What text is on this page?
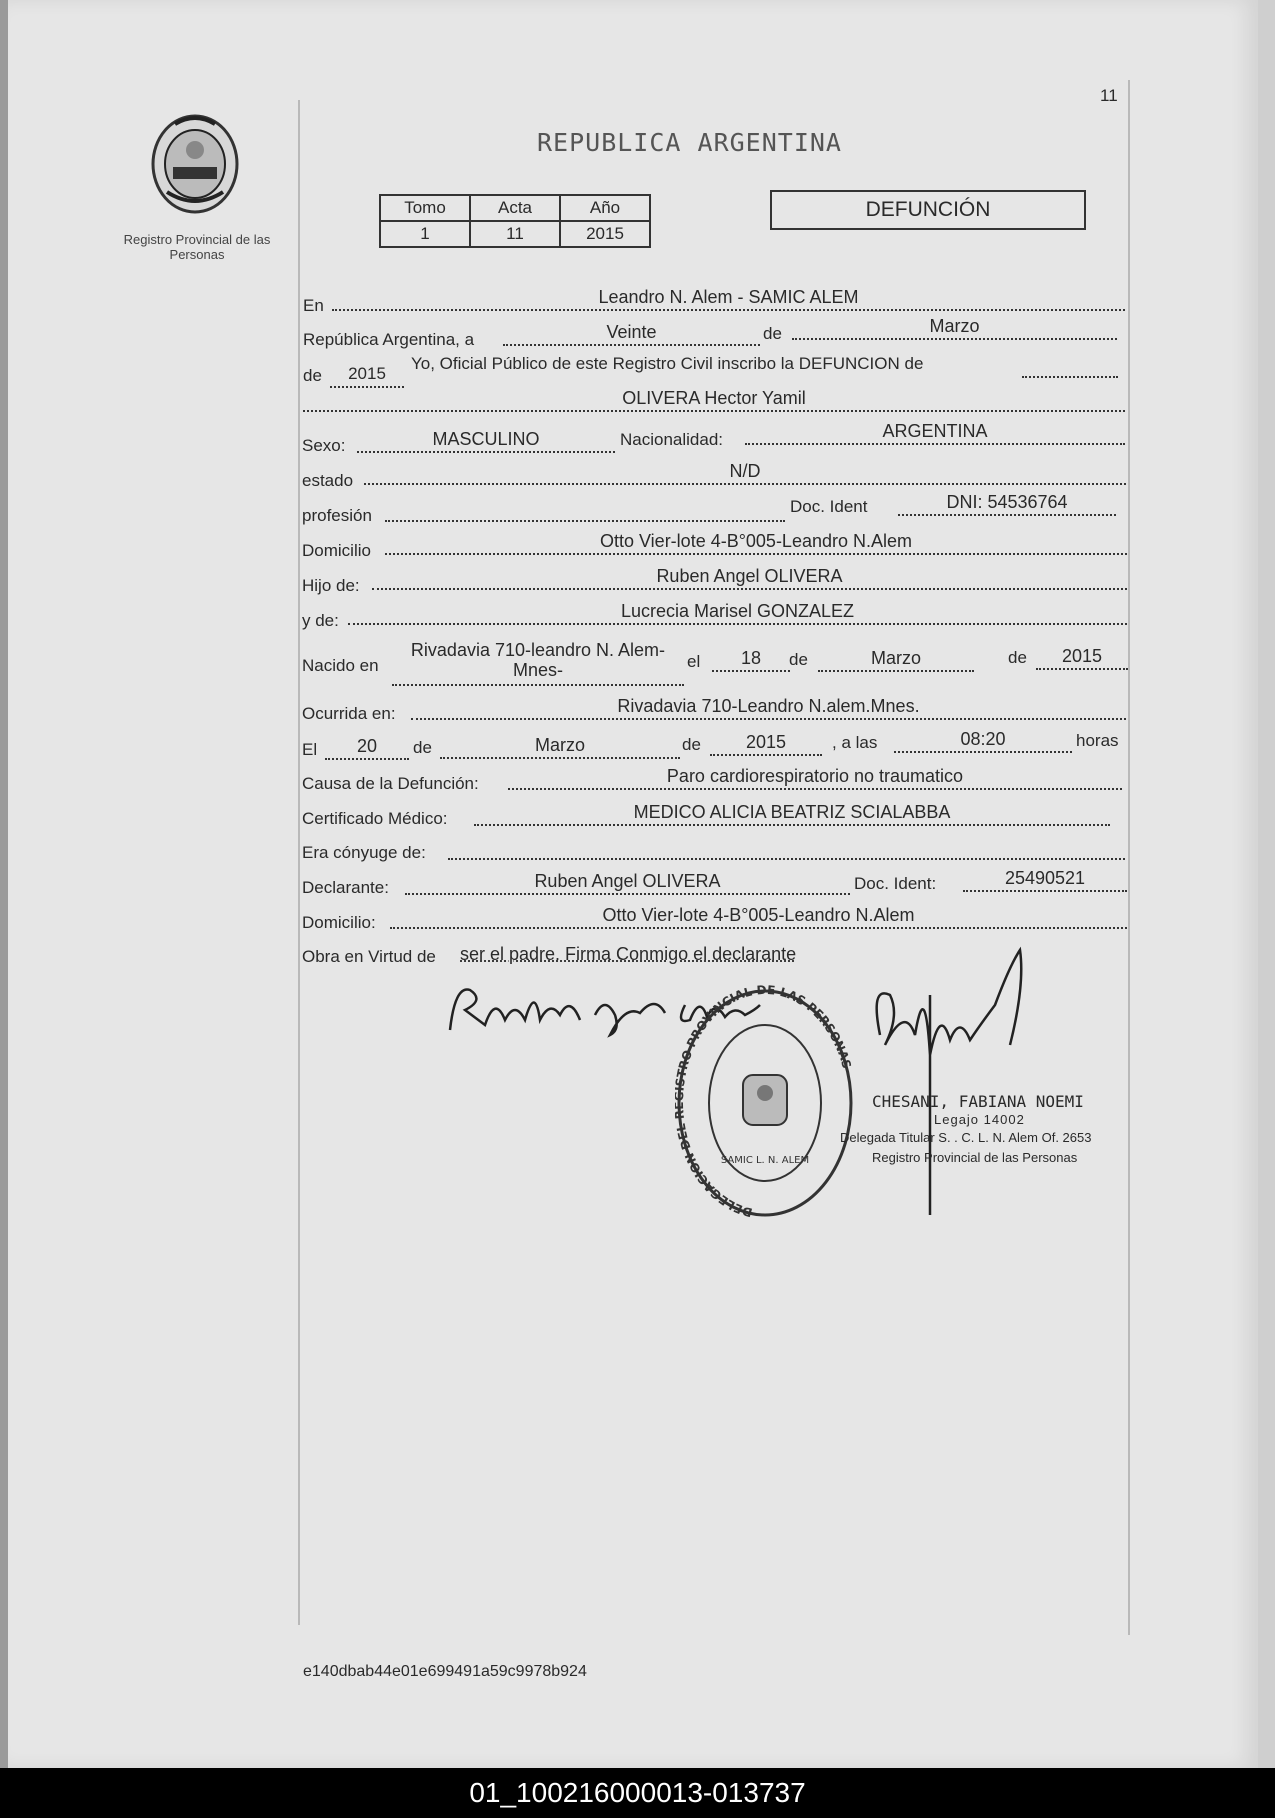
11
Registro Provincial de las Personas
REPUBLICA ARGENTINA
Tomo	Acta	Año
1	11	2015
DEFUNCIÓN
En	Leandro N. Alem - SAMIC ALEM
República Argentina, a	Veinte	de	Marzo
de	2015
Yo, Oficial Público de este Registro Civil inscribo la DEFUNCION de
OLIVERA Hector Yamil
Sexo:	MASCULINO	Nacionalidad:	ARGENTINA
estado	N/D
profesión	Doc. Ident	DNI: 54536764
Domicilio	Otto Vier-lote 4-B°005-Leandro N.Alem
Hijo de:	Ruben Angel OLIVERA
y de:	Lucrecia Marisel GONZALEZ
Nacido en
Rivadavia 710-leandro N. Alem-Mnes-	el	18	de	Marzo	de	2015
Ocurrida en:	Rivadavia 710-Leandro N.alem.Mnes.
El	20	de	Marzo	de	2015	, a las	08:20	horas
Causa de la Defunción:	Paro cardiorespiratorio no traumatico
Certificado Médico:	MEDICO ALICIA BEATRIZ SCIALABBA
Era cónyuge de:
Declarante:	Ruben Angel OLIVERA	Doc. Ident:	25490521
Domicilio:	Otto Vier-lote 4-B°005-Leandro N.Alem
Obra en Virtud de ser el padre. Firma Conmigo el declarante
DELEGACION DEL TRO PROVINCIAL DE LAS PERSONAS
SAMIC L. N. ALEM
CHESANI, FABIANA NOEMI
Legajo 14002
Delegada Titular S. . C. L. N. Alem Of. 2653
Registro Provincial de las Personas
e140dbab44e01e699491a59c9978b924
01_100216000013-013737
